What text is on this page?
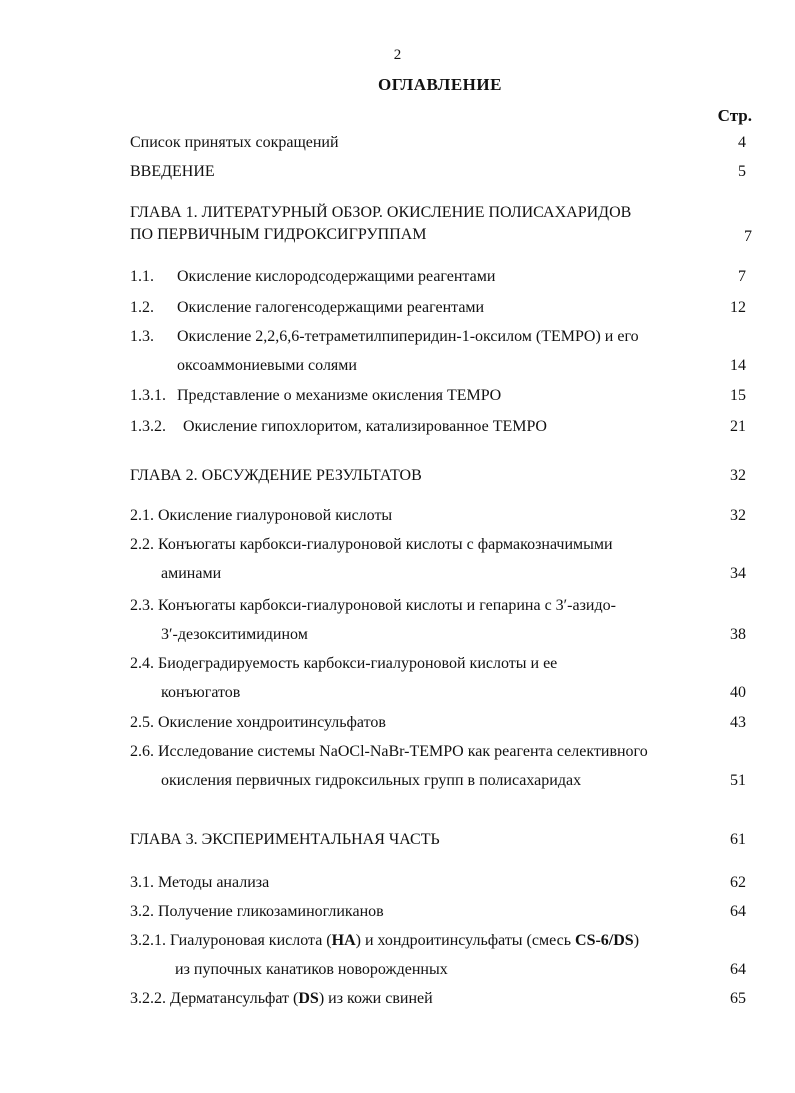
2
ОГЛАВЛЕНИЕ
Стр.
Список принятых сокращений	4
ВВЕДЕНИЕ	5
ГЛАВА 1. ЛИТЕРАТУРНЫЙ ОБЗОР. ОКИСЛЕНИЕ ПОЛИСАХАРИДОВ
ПО ПЕРВИЧНЫМ ГИДРОКСИГРУППАМ	7
1.1. Окисление кислородсодержащими реагентами	7
1.2. Окисление галогенсодержащими реагентами	12
1.3. Окисление 2,2,6,6-тетраметилпиперидин-1-оксилом (TEMPO) и его
оксоаммониевыми солями	14
1.3.1. Представление о механизме окисления TEMPO	15
1.3.2. Окисление гипохлоритом, катализированное TEMPO	21
ГЛАВА 2. ОБСУЖДЕНИЕ РЕЗУЛЬТАТОВ	32
2.1. Окисление гиалуроновой кислоты	32
2.2. Конъюгаты карбокси-гиалуроновой кислоты с фармакозначимыми
аминами	34
2.3. Конъюгаты карбокси-гиалуроновой кислоты и гепарина с 3′-азидо-
3′-дезокситимидином	38
2.4. Биодеградируемость карбокси-гиалуроновой кислоты и ее
конъюгатов	40
2.5. Окисление хондроитинсульфатов	43
2.6. Исследование системы NaOCl-NaBr-TEMPO как реагента селективного
окисления первичных гидроксильных групп в полисахаридах	51
ГЛАВА 3. ЭКСПЕРИМЕНТАЛЬНАЯ ЧАСТЬ	61
3.1. Методы анализа	62
3.2. Получение гликозаминогликанов	64
3.2.1. Гиалуроновая кислота (HA) и хондроитинсульфаты (смесь CS-6/DS)
из пупочных канатиков новорожденных	64
3.2.2. Дерматансульфат (DS) из кожи свиней	65
